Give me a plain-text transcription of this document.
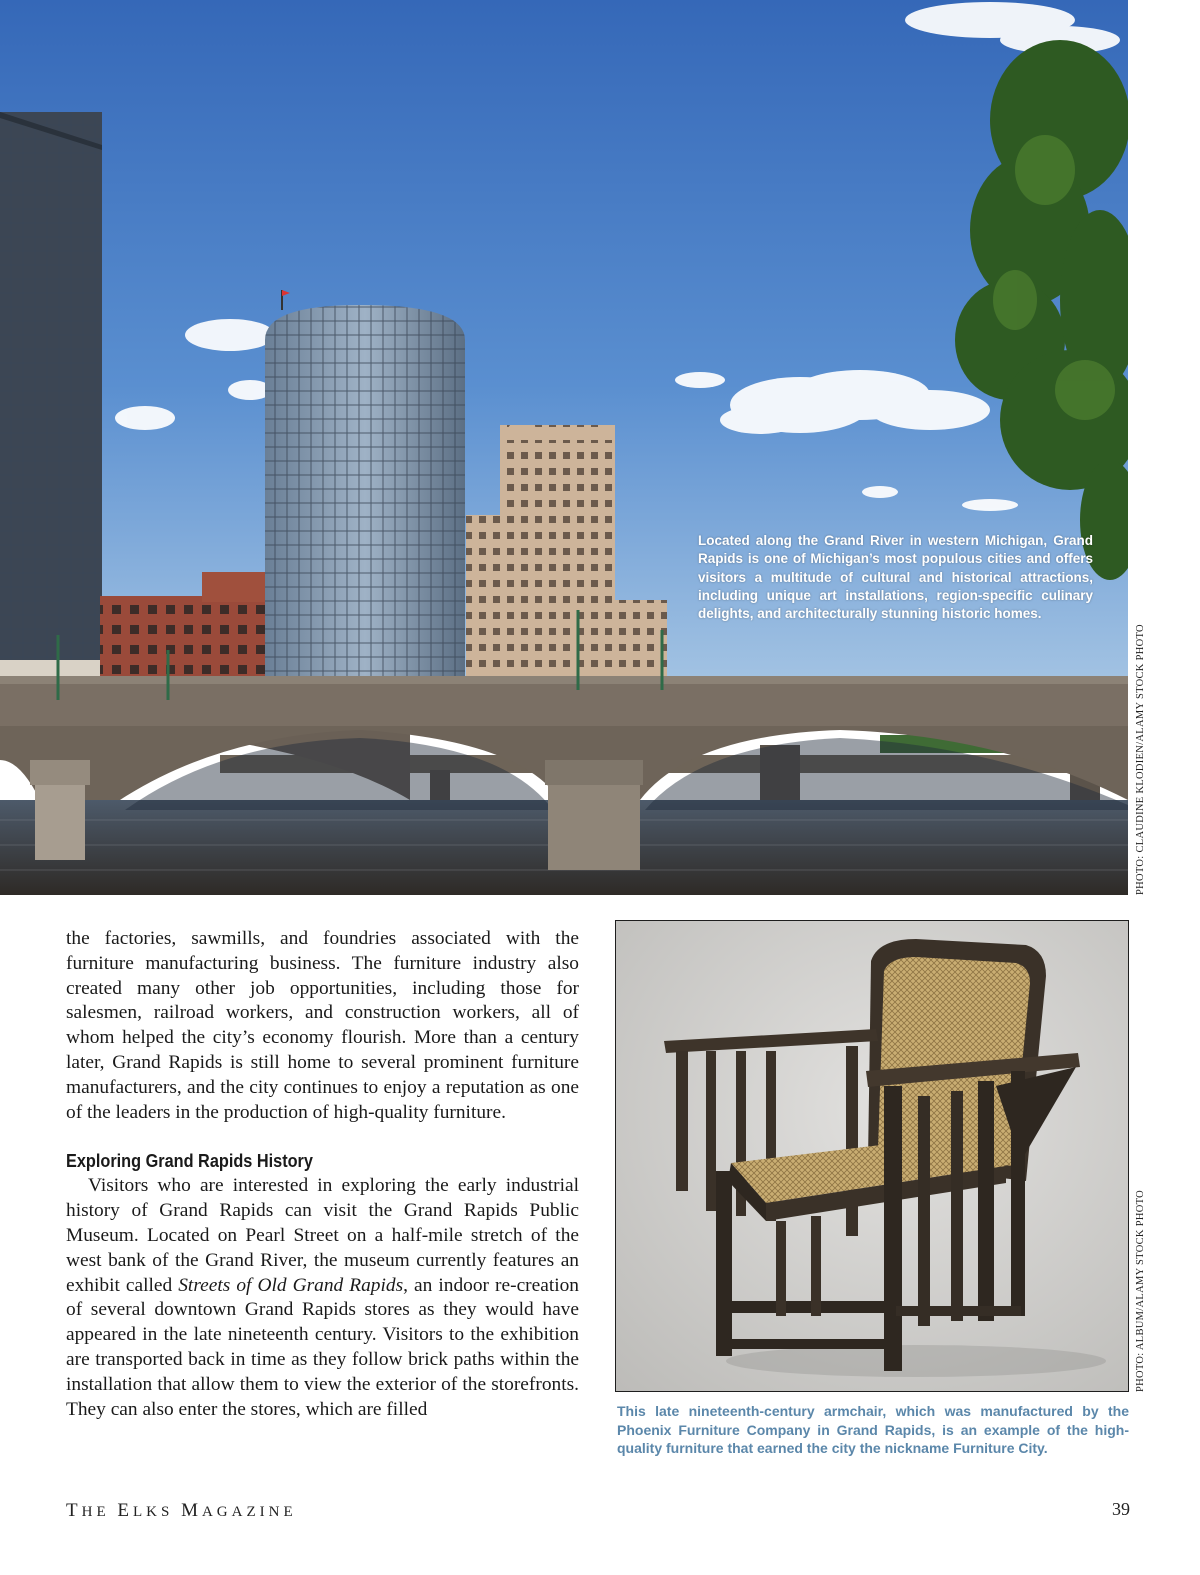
Located along the Grand River in western Michigan, Grand Rapids is one of Michigan’s most populous cities and offers visitors a multitude of cultural and historical attractions, including unique art installations, region-specific culinary delights, and architecturally stunning historic homes.
PHOTO: CLAUDINE KLODIEN/ALAMY STOCK PHOTO

the factories, sawmills, and foundries associated with the furniture manufacturing business. The furniture industry also created many other job opportunities, including those for salesmen, railroad workers, and construction workers, all of whom helped the city’s economy flourish. More than a century later, Grand Rapids is still home to several prominent furniture manufacturers, and the city continues to enjoy a reputation as one of the leaders in the production of high-quality furniture.

Exploring Grand Rapids History

Visitors who are interested in exploring the early industrial history of Grand Rapids can visit the Grand Rapids Public Museum. Located on Pearl Street on a half-mile stretch of the west bank of the Grand River, the museum currently features an exhibit called Streets of Old Grand Rapids, an indoor re-creation of several downtown Grand Rapids stores as they would have appeared in the late nineteenth century. Visitors to the exhibition are transported back in time as they follow brick paths within the installation that allow them to view the exterior of the storefronts. They can also enter the stores, which are filled

PHOTO: ALBUM/ALAMY STOCK PHOTO
This late nineteenth-century armchair, which was manufactured by the Phoenix Furniture Company in Grand Rapids, is an example of the high-quality furniture that earned the city the nickname Furniture City.
THE ELKS MAGAZINE	39
